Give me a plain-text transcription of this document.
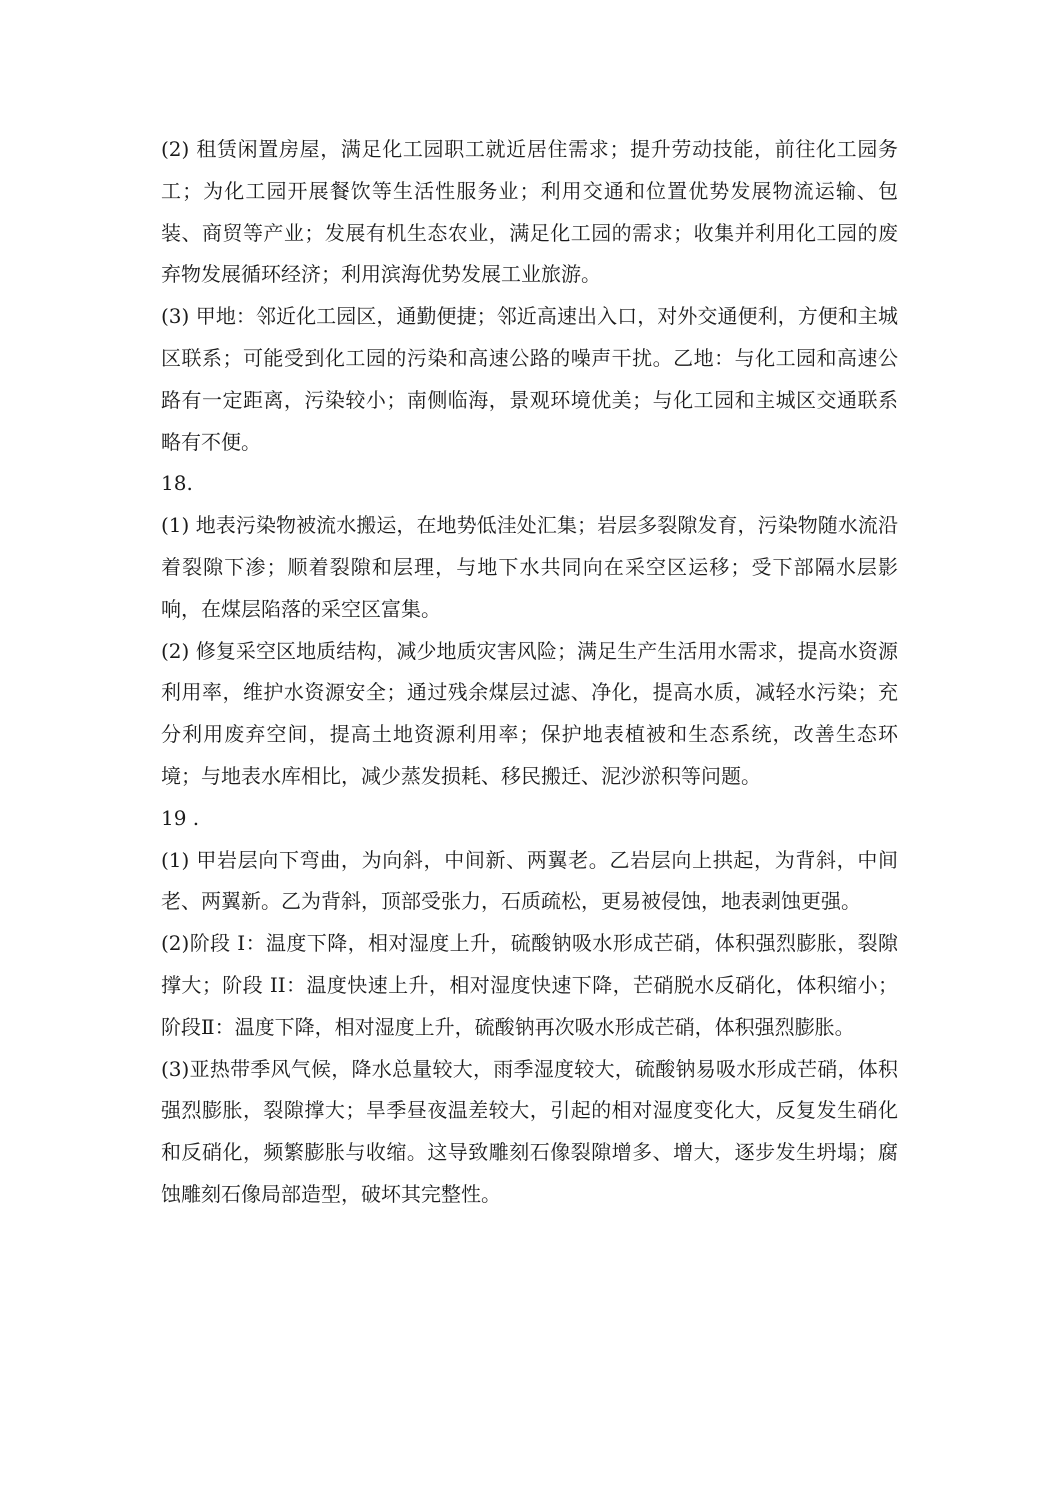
(2) 租赁闲置房屋，满足化工园职工就近居住需求；提升劳动技能，前往化工园务工；为化工园开展餐饮等生活性服务业；利用交通和位置优势发展物流运输、包装、商贸等产业；发展有机生态农业，满足化工园的需求；收集并利用化工园的废弃物发展循环经济；利用滨海优势发展工业旅游。

(3) 甲地：邻近化工园区，通勤便捷；邻近高速出入口，对外交通便利，方便和主城区联系；可能受到化工园的污染和高速公路的噪声干扰。乙地：与化工园和高速公路有一定距离，污染较小；南侧临海，景观环境优美；与化工园和主城区交通联系略有不便。

18.

(1) 地表污染物被流水搬运，在地势低洼处汇集；岩层多裂隙发育，污染物随水流沿着裂隙下渗；顺着裂隙和层理，与地下水共同向在采空区运移；受下部隔水层影响，在煤层陷落的采空区富集。

(2) 修复采空区地质结构，减少地质灾害风险；满足生产生活用水需求，提高水资源利用率，维护水资源安全；通过残余煤层过滤、净化，提高水质，减轻水污染；充分利用废弃空间，提高土地资源利用率；保护地表植被和生态系统，改善生态环境；与地表水库相比，减少蒸发损耗、移民搬迁、泥沙淤积等问题。

19 .

(1) 甲岩层向下弯曲，为向斜，中间新、两翼老。乙岩层向上拱起，为背斜，中间老、两翼新。乙为背斜，顶部受张力，石质疏松，更易被侵蚀，地表剥蚀更强。

(2)阶段 I：温度下降，相对湿度上升，硫酸钠吸水形成芒硝，体积强烈膨胀，裂隙撑大；阶段 II：温度快速上升，相对湿度快速下降，芒硝脱水反硝化，体积缩小；阶段Ⅱ：温度下降，相对湿度上升，硫酸钠再次吸水形成芒硝，体积强烈膨胀。

(3)亚热带季风气候，降水总量较大，雨季湿度较大，硫酸钠易吸水形成芒硝，体积强烈膨胀，裂隙撑大；旱季昼夜温差较大，引起的相对湿度变化大，反复发生硝化和反硝化，频繁膨胀与收缩。这导致雕刻石像裂隙增多、增大，逐步发生坍塌；腐蚀雕刻石像局部造型，破坏其完整性。
